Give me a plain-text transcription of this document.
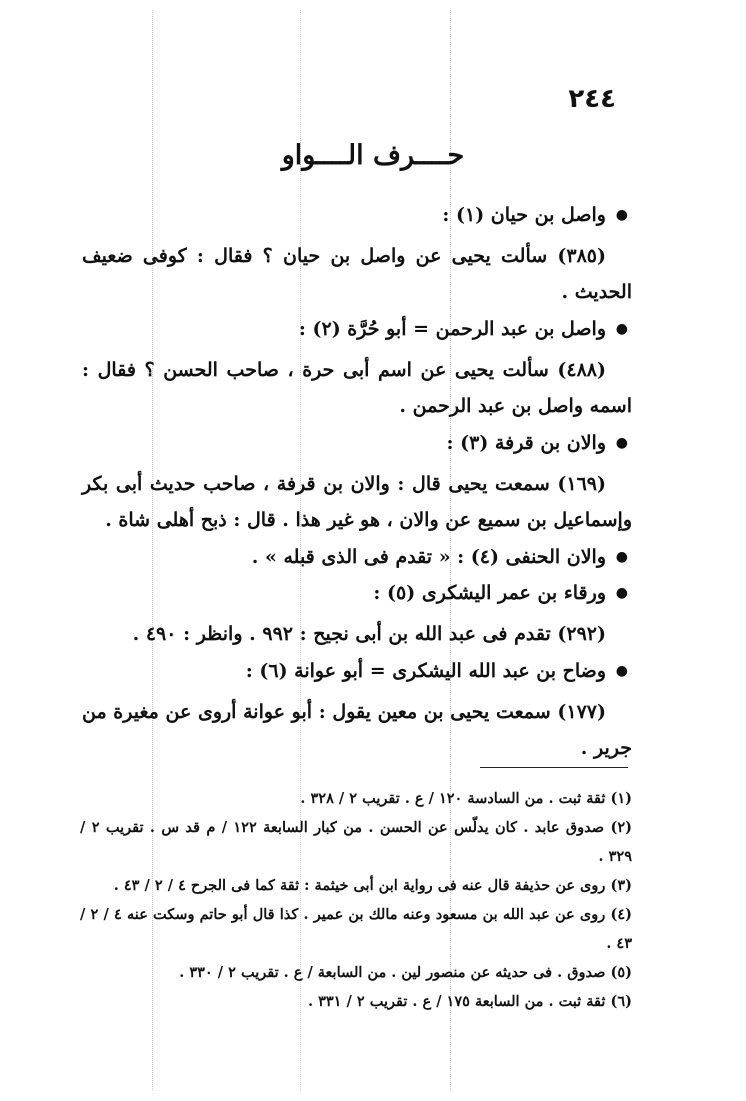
٢٤٤
حــــرف الــــواو
●
واصل بن حيان (١) :
(٣٨٥) سألت يحيى عن واصل بن حيان ؟ فقال : كوفى ضعيف الحديث .
●
واصل بن عبد الرحمن = أبو حُرَّة (٢) :
(٤٨٨) سألت يحيى عن اسم أبى حرة ، صاحب الحسن ؟ فقال : اسمه واصل بن عبد الرحمن .
●
والان بن قرفة (٣) :
(١٦٩) سمعت يحيى قال : والان بن قرفة ، صاحب حديث أبى بكر وإسماعيل بن سميع عن والان ، هو غير هذا . قال : ذبح أهلى شاة .
●
والان الحنفى (٤) : « تقدم فى الذى قبله » .
●
ورقاء بن عمر اليشكرى (٥) :
(٢٩٢) تقدم فى عبد الله بن أبى نجيح : ٩٩٢ . وانظر : ٤٩٠ .
●
وضاح بن عبد الله اليشكرى = أبو عوانة (٦) :
(١٧٧) سمعت يحيى بن معين يقول : أبو عوانة أروى عن مغيرة من جرير .
(١) ثقة ثبت . من السادسة ١٢٠ / ع . تقريب ٢ / ٣٢٨ .
(٢) صدوق عابد . كان يدلّس عن الحسن . من كبار السابعة ١٢٢ / م قد س . تقريب ٢ / ٣٢٩ .
(٣) روى عن حذيفة قال عنه فى رواية ابن أبى خيثمة : ثقة كما فى الجرح ٤ / ٢ / ٤٣ .
(٤) روى عن عبد الله بن مسعود وعنه مالك بن عمير . كذا قال أبو حاتم وسكت عنه ٤ / ٢ / ٤٣ .
(٥) صدوق . فى حديثه عن منصور لين . من السابعة / ع . تقريب ٢ / ٣٣٠ .
(٦) ثقة ثبت . من السابعة ١٧٥ / ع . تقريب ٢ / ٣٣١ .
